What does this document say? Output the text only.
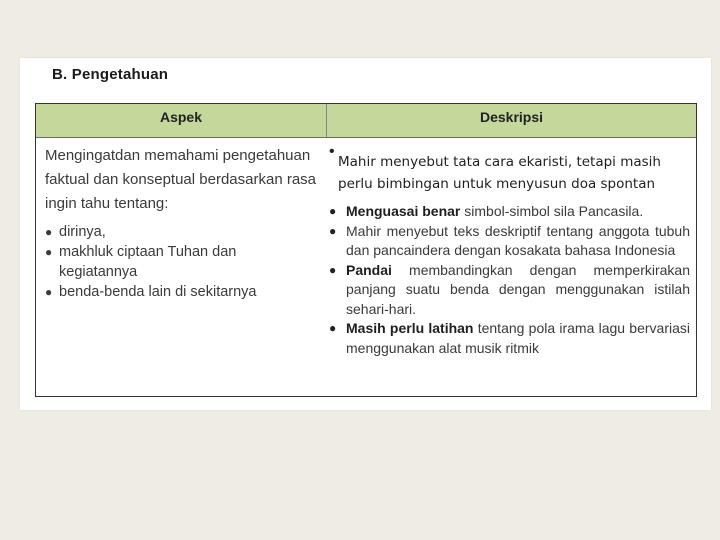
B. Pengetahuan
Aspek	Deskripsi

Mengingatdan memahami pengetahuan faktual dan konseptual berdasarkan rasa ingin tahu tentang:

● dirinya,
● makhluk ciptaan Tuhan dan kegiatannya
● benda-benda lain di sekitarnya
•
Mahir menyebut tata cara ekaristi, tetapi masih perlu bimbingan untuk menyusun doa spontan
● Menguasai benar simbol-simbol sila Pancasila.
● Mahir menyebut teks deskriptif tentang anggota tubuh dan pancaindera dengan kosakata bahasa Indonesia
● Pandai membandingkan dengan memperkirakan panjang suatu benda dengan menggunakan istilah sehari-hari.
● Masih perlu latihan tentang pola irama lagu bervariasi menggunakan alat musik ritmik
